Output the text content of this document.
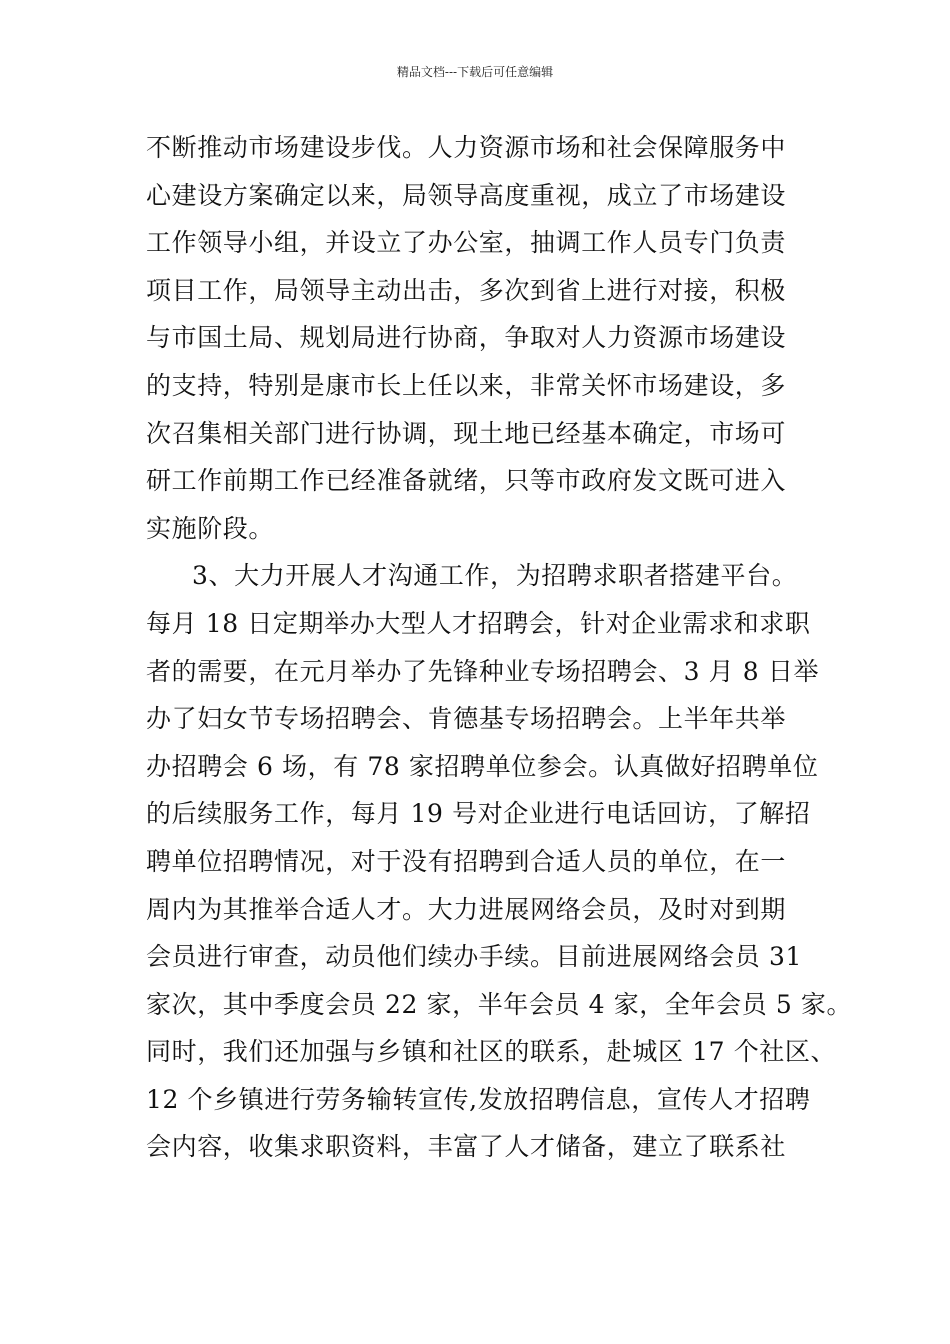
精品文档---下载后可任意编辑
不断推动市场建设步伐。人力资源市场和社会保障服务中
心建设方案确定以来，局领导高度重视，成立了市场建设
工作领导小组，并设立了办公室，抽调工作人员专门负责
项目工作，局领导主动出击，多次到省上进行对接，积极
与市国土局、规划局进行协商，争取对人力资源市场建设
的支持，特别是康市长上任以来，非常关怀市场建设，多
次召集相关部门进行协调，现土地已经基本确定，市场可
研工作前期工作已经准备就绪，只等市政府发文既可进入
实施阶段。
3、大力开展人才沟通工作，为招聘求职者搭建平台。
每月 18 日定期举办大型人才招聘会，针对企业需求和求职
者的需要，在元月举办了先锋种业专场招聘会、3 月 8 日举
办了妇女节专场招聘会、肯德基专场招聘会。上半年共举
办招聘会 6 场，有 78 家招聘单位参会。认真做好招聘单位
的后续服务工作，每月 19 号对企业进行电话回访，了解招
聘单位招聘情况，对于没有招聘到合适人员的单位，在一
周内为其推举合适人才。大力进展网络会员，及时对到期
会员进行审查，动员他们续办手续。目前进展网络会员 31
家次，其中季度会员 22 家，半年会员 4 家，全年会员 5 家。
同时，我们还加强与乡镇和社区的联系，赴城区 17 个社区、
12 个乡镇进行劳务输转宣传,发放招聘信息，宣传人才招聘
会内容，收集求职资料，丰富了人才储备，建立了联系社
